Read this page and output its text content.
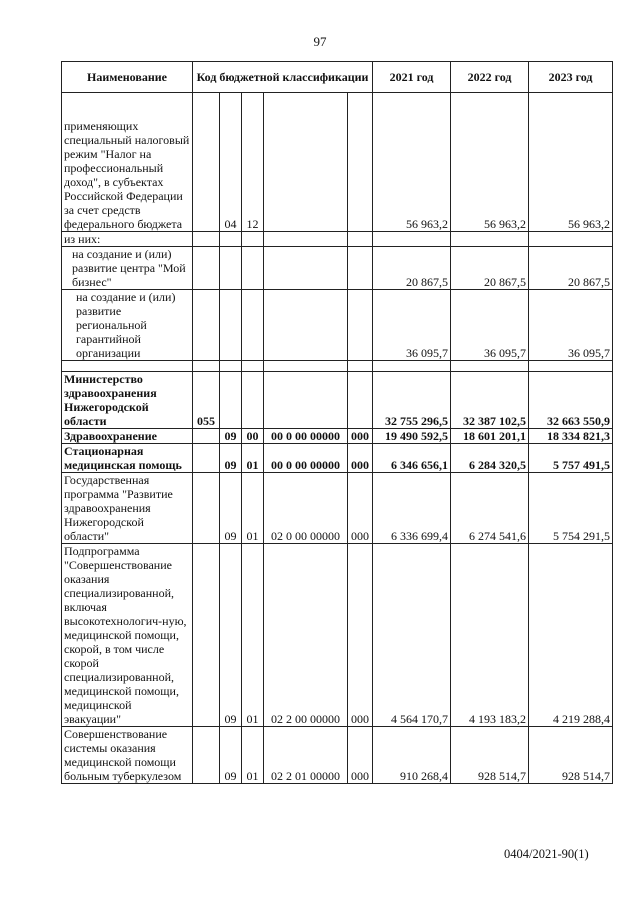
97
Наименование	Код бюджетной классификации					2021 год	2022 год	2023 год
применяющих специальный налоговый режим "Налог на профессиональный доход", в субъектах Российской Федерации за счет средств федерального бюджета		04	12			56 963,2	56 963,2	56 963,2
из них:								
на создание и (или) развитие центра "Мой бизнес"						20 867,5	20 867,5	20 867,5
на создание и (или) развитие региональной гарантийной организации						36 095,7	36 095,7	36 095,7

Министерство здравоохранения Нижегородской области	055					32 755 296,5	32 387 102,5	32 663 550,9
Здравоохранение		09	00	00 0 00 00000	000	19 490 592,5	18 601 201,1	18 334 821,3
Стационарная медицинская помощь		09	01	00 0 00 00000	000	6 346 656,1	6 284 320,5	5 757 491,5
Государственная программа "Развитие здравоохранения Нижегородской области"		09	01	02 0 00 00000	000	6 336 699,4	6 274 541,6	5 754 291,5
Подпрограмма "Совершенствование оказания специализированной, включая высокотехнологич-ную, медицинской помощи, скорой, в том числе скорой специализированной, медицинской помощи, медицинской эвакуации"		09	01	02 2 00 00000	000	4 564 170,7	4 193 183,2	4 219 288,4
Совершенствование системы оказания медицинской помощи больным туберкулезом		09	01	02 2 01 00000	000	910 268,4	928 514,7	928 514,7
0404/2021-90(1)
